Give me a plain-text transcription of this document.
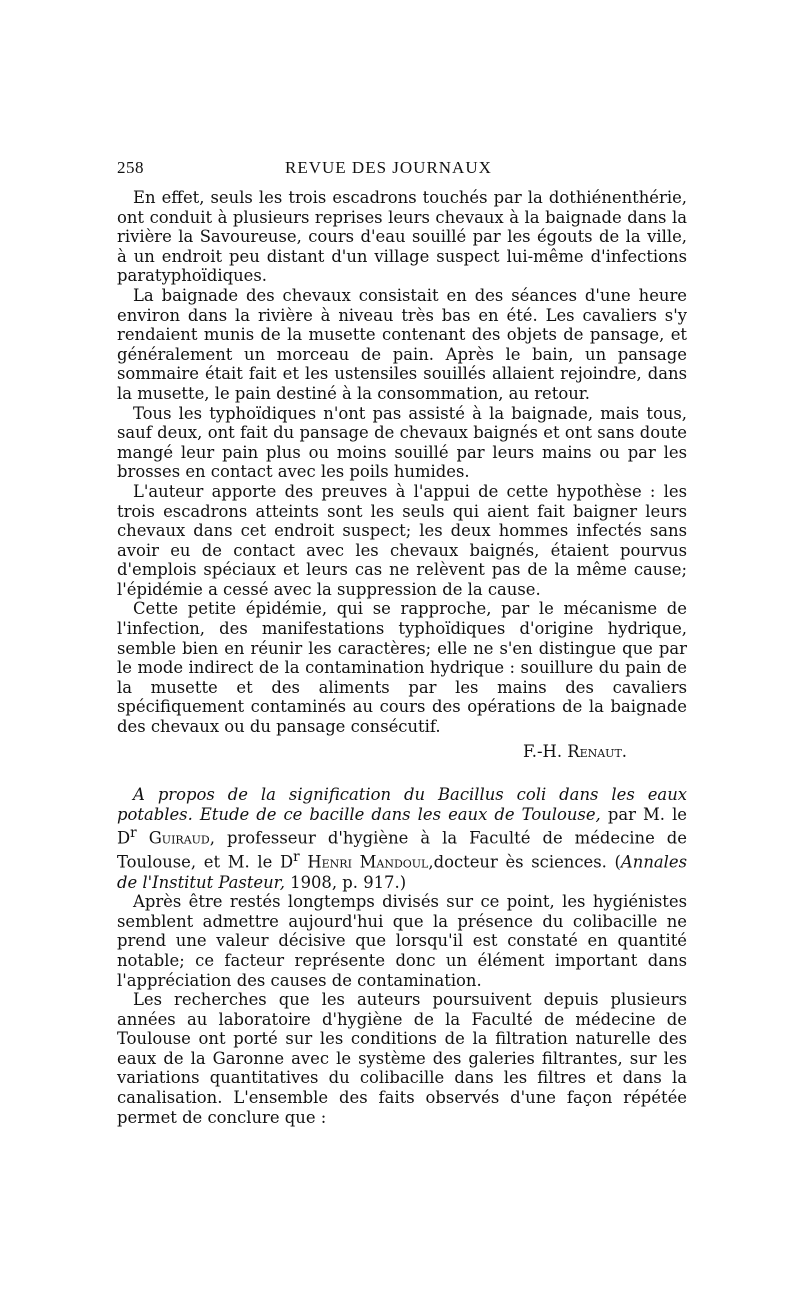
258	REVUE DES JOURNAUX

En effet, seuls les trois escadrons touchés par la dothiénenthérie, ont conduit à plusieurs reprises leurs chevaux à la baignade dans la rivière la Savoureuse, cours d'eau souillé par les égouts de la ville, à un endroit peu distant d'un village suspect lui-même d'infections paratyphoïdiques.

La baignade des chevaux consistait en des séances d'une heure environ dans la rivière à niveau très bas en été. Les cavaliers s'y rendaient munis de la musette contenant des objets de pansage, et généralement un morceau de pain. Après le bain, un pansage sommaire était fait et les ustensiles souillés allaient rejoindre, dans la musette, le pain destiné à la consommation, au retour.

Tous les typhoïdiques n'ont pas assisté à la baignade, mais tous, sauf deux, ont fait du pansage de chevaux baignés et ont sans doute mangé leur pain plus ou moins souillé par leurs mains ou par les brosses en contact avec les poils humides.

L'auteur apporte des preuves à l'appui de cette hypothèse : les trois escadrons atteints sont les seuls qui aient fait baigner leurs chevaux dans cet endroit suspect; les deux hommes infectés sans avoir eu de contact avec les chevaux baignés, étaient pourvus d'emplois spéciaux et leurs cas ne relèvent pas de la même cause; l'épidémie a cessé avec la suppression de la cause.

Cette petite épidémie, qui se rapproche, par le mécanisme de l'infection, des manifestations typhoïdiques d'origine hydrique, semble bien en réunir les caractères; elle ne s'en distingue que par le mode indirect de la contamination hydrique : souillure du pain de la musette et des aliments par les mains des cavaliers spécifiquement contaminés au cours des opérations de la baignade des chevaux ou du pansage consécutif.

F.-H. Renaut.

A propos de la signification du Bacillus coli dans les eaux potables. Etude de ce bacille dans les eaux de Toulouse, par M. le $D^r$ Guiraud, professeur d'hygiène à la Faculté de médecine de Toulouse, et M. le $D^r$ Henri Mandoul,docteur ès sciences. (Annales de l'Institut Pasteur, 1908, p. 917.)

Après être restés longtemps divisés sur ce point, les hygiénistes semblent admettre aujourd'hui que la présence du colibacille ne prend une valeur décisive que lorsqu'il est constaté en quantité notable; ce facteur représente donc un élément important dans l'appréciation des causes de contamination.

Les recherches que les auteurs poursuivent depuis plusieurs années au laboratoire d'hygiène de la Faculté de médecine de Toulouse ont porté sur les conditions de la filtration naturelle des eaux de la Garonne avec le système des galeries filtrantes, sur les variations quantitatives du colibacille dans les filtres et dans la canalisation. L'ensemble des faits observés d'une façon répétée permet de conclure que :
